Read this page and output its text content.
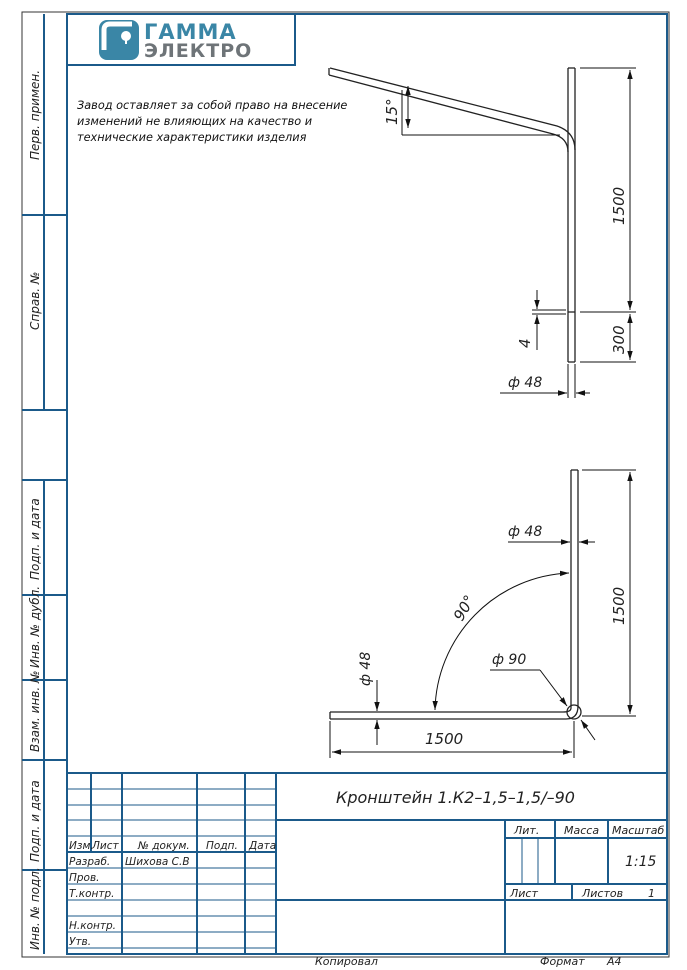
Перв. примен.
Справ. №
Подп. и дата
Инв. № дубл.
Взам. инв. №
Подп. и дата
Инв. № подл.
15°
1500
300
4
ф 48
ф 48
1500
90°
ф 90
ф 48
1500
Кронштейн 1.К2–1,5–1,5/–90
Изм.
Лист № докум. Подп. Дата
Разраб. Шихова С.В
Пров.
Т.контр.
Н.контр.
Утв.
Лит. Масса Масштаб
1:15
Лист	Листов 1
Копировал	Формат А4
ГАММА
ЭЛЕКТРО
Завод оставляет за собой право на внесение изменений не влияющих на качество и технические характеристики изделия
